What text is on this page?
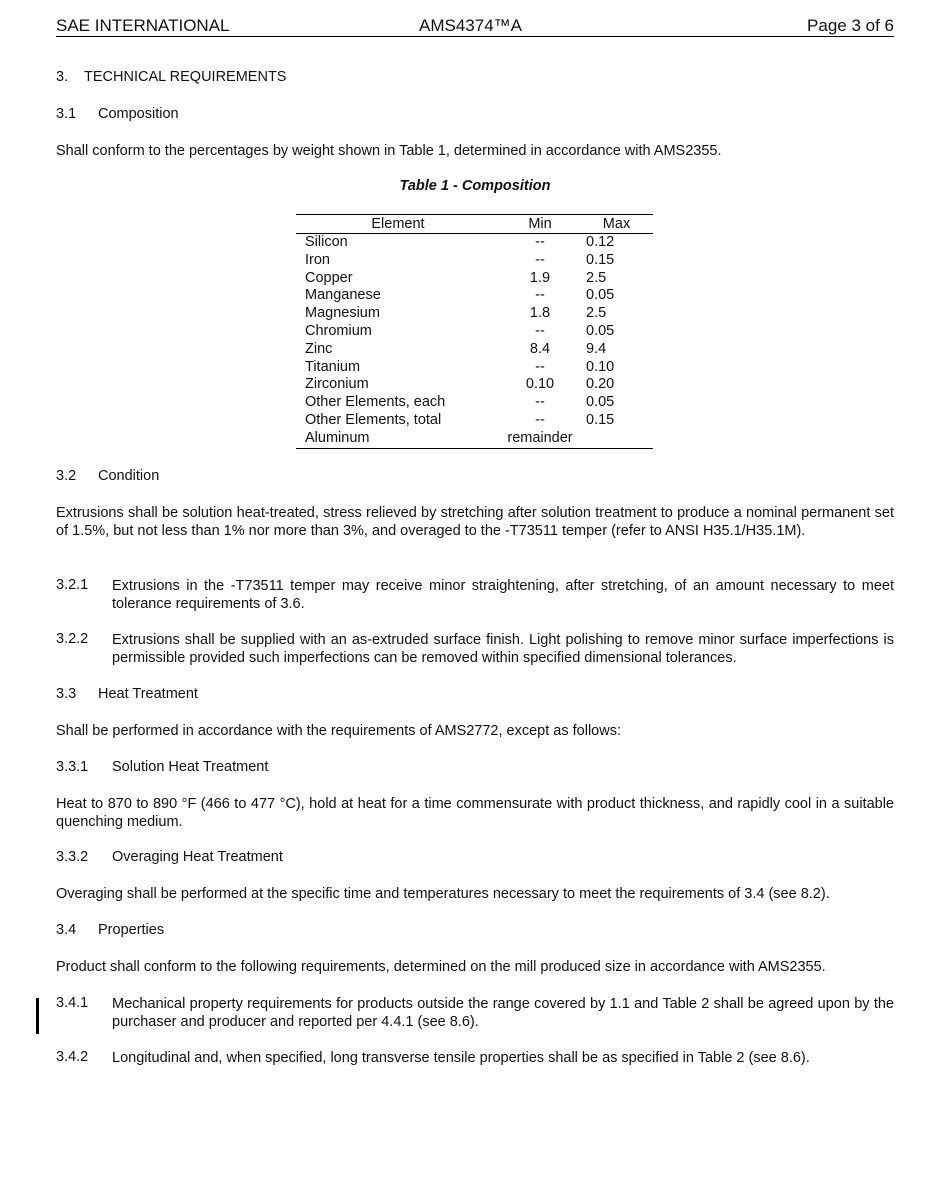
SAE INTERNATIONAL	AMS4374™A	Page 3 of 6
3. TECHNICAL REQUIREMENTS
3.1 Composition
Shall conform to the percentages by weight shown in Table 1, determined in accordance with AMS2355.
Table 1 - Composition
Element	Min	Max
Silicon	--	0.12
Iron	--	0.15
Copper	1.9	2.5
Manganese	--	0.05
Magnesium	1.8	2.5
Chromium	--	0.05
Zinc	8.4	9.4
Titanium	--	0.10
Zirconium	0.10	0.20
Other Elements, each	--	0.05
Other Elements, total	--	0.15
Aluminum	remainder	
3.2 Condition
Extrusions shall be solution heat-treated, stress relieved by stretching after solution treatment to produce a nominal permanent set of 1.5%, but not less than 1% nor more than 3%, and overaged to the -T73511 temper (refer to ANSI H35.1/H35.1M).
3.2.1 Extrusions in the -T73511 temper may receive minor straightening, after stretching, of an amount necessary to meet tolerance requirements of 3.6.
3.2.2 Extrusions shall be supplied with an as-extruded surface finish. Light polishing to remove minor surface imperfections is permissible provided such imperfections can be removed within specified dimensional tolerances.
3.3 Heat Treatment
Shall be performed in accordance with the requirements of AMS2772, except as follows:
3.3.1 Solution Heat Treatment
Heat to 870 to 890 °F (466 to 477 °C), hold at heat for a time commensurate with product thickness, and rapidly cool in a suitable quenching medium.
3.3.2 Overaging Heat Treatment
Overaging shall be performed at the specific time and temperatures necessary to meet the requirements of 3.4 (see 8.2).
3.4 Properties
Product shall conform to the following requirements, determined on the mill produced size in accordance with AMS2355.
3.4.1 Mechanical property requirements for products outside the range covered by 1.1 and Table 2 shall be agreed upon by the purchaser and producer and reported per 4.4.1 (see 8.6).
3.4.2 Longitudinal and, when specified, long transverse tensile properties shall be as specified in Table 2 (see 8.6).
